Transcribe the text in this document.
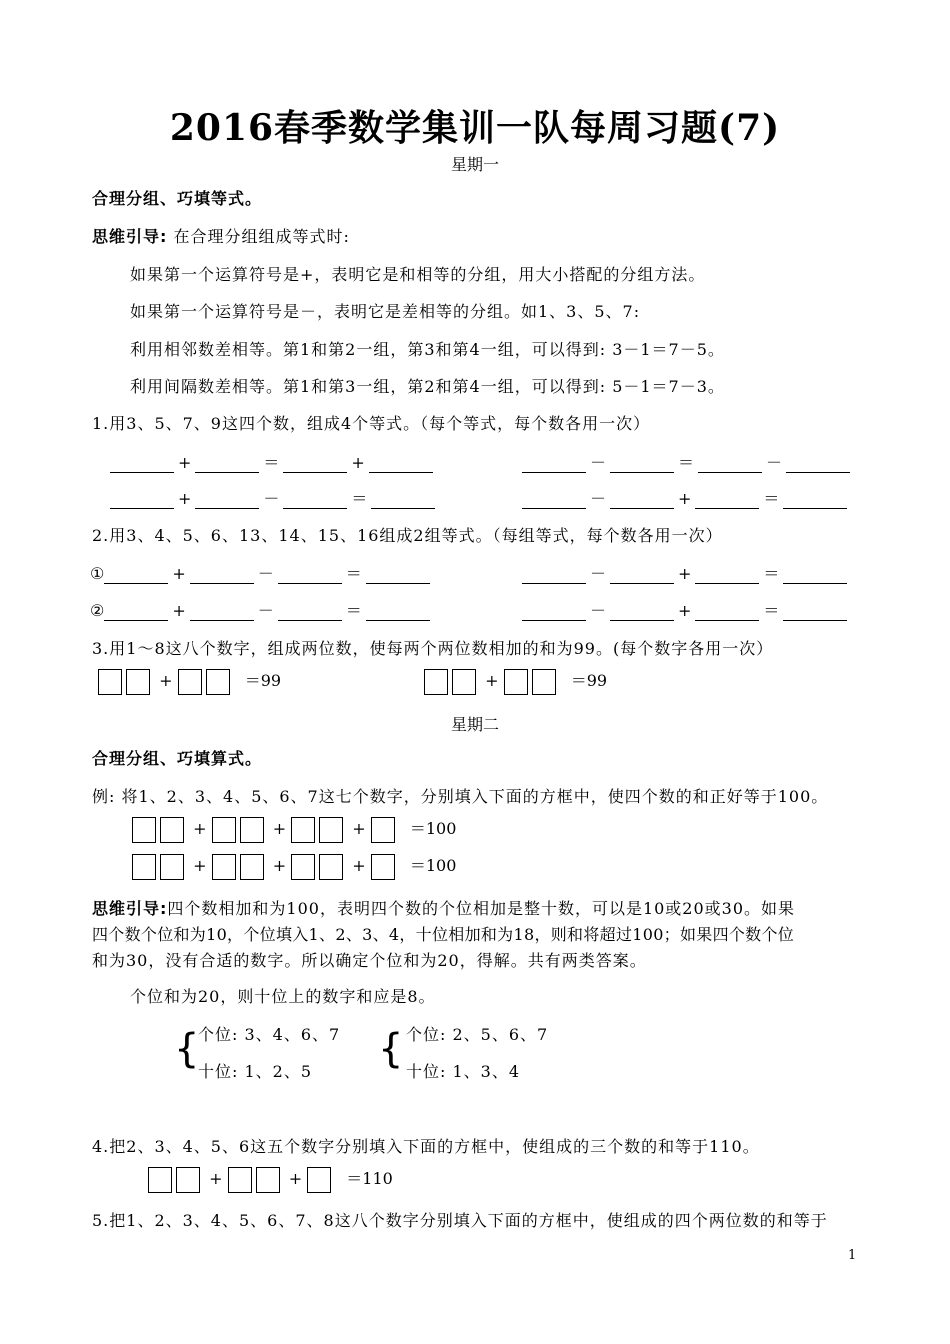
2016春季数学集训一队每周习题(7)
星期一
合理分组、巧填等式。
思维引导: 在合理分组组成等式时:
如果第一个运算符号是+，表明它是和相等的分组，用大小搭配的分组方法。
如果第一个运算符号是－，表明它是差相等的分组。如1、3、5、7:
利用相邻数差相等。第1和第2一组，第3和第4一组，可以得到: 3－1＝7－5。
利用间隔数差相等。第1和第3一组，第2和第4一组，可以得到: 5－1＝7－3。
1.用3、5、7、9这四个数，组成4个等式。（每个等式，每个数各用一次）
+	＝	+	－	＝	－
+	－	＝	－	+	＝
2.用3、4、5、6、13、14、15、16组成2组等式。（每组等式，每个数各用一次）
①	+	－	＝	－	+	＝
②	+	－	＝	－	+	＝
3.用1～8这八个数字，组成两位数，使每两个两位数相加的和为99。(每个数字各用一次）
+	＝99	+	＝99
星期二
合理分组、巧填算式。
例: 将1、2、3、4、5、6、7这七个数字，分别填入下面的方框中，使四个数的和正好等于100。
+	+	+	＝100
+	+	+	＝100
思维引导:四个数相加和为100，表明四个数的个位相加是整十数，可以是10或20或30。如果
四个数个位和为10，个位填入1、2、3、4，十位相加和为18，则和将超过100；如果四个数个位
和为30，没有合适的数字。所以确定个位和为20，得解。共有两类答案。
个位和为20，则十位上的数字和应是8。
{
个位: 3、4、6、7
十位: 1、2、5 { 个位: 2、5、6、7
十位: 1、3、4
4.把2、3、4、5、6这五个数字分别填入下面的方框中，使组成的三个数的和等于110。
+	+	＝110
5.把1、2、3、4、5、6、7、8这八个数字分别填入下面的方框中，使组成的四个两位数的和等于
1
